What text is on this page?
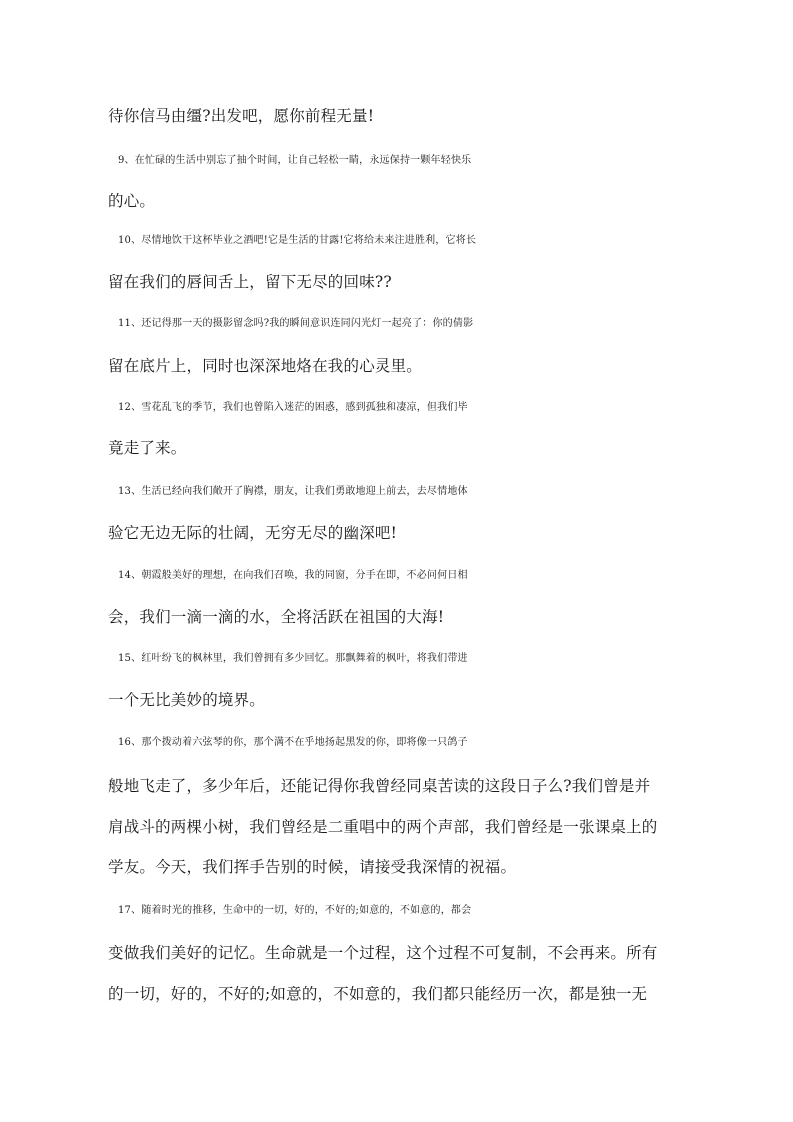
待你信马由缰?出发吧，愿你前程无量!
9、在忙碌的生活中别忘了抽个时间，让自己轻松一睛，永远保持一颗年轻快乐
的心。
10、尽情地饮干这杯毕业之酒吧!它是生活的甘露!它将给未来注进胜利，它将长
留在我们的唇间舌上，留下无尽的回味??
11、还记得那一天的摄影留念吗?我的瞬间意识连同闪光灯一起亮了：你的倩影
留在底片上，同时也深深地烙在我的心灵里。
12、雪花乱飞的季节，我们也曾陷入迷茫的困惑，感到孤独和凄凉，但我们毕
竟走了来。
13、生活已经向我们敞开了胸襟，朋友，让我们勇敢地迎上前去，去尽情地体
验它无边无际的壮阔，无穷无尽的幽深吧!
14、朝霞般美好的理想，在向我们召唤，我的同窗，分手在即，不必问何日相
会，我们一滴一滴的水，全将活跃在祖国的大海!
15、红叶纷飞的枫林里，我们曾拥有多少回忆。那飘舞着的枫叶，将我们带进
一个无比美妙的境界。
16、那个拨动着六弦琴的你，那个满不在乎地扬起黑发的你，即将像一只鸽子
般地飞走了，多少年后，还能记得你我曾经同桌苦读的这段日子么?我们曾是并
肩战斗的两棵小树，我们曾经是二重唱中的两个声部，我们曾经是一张课桌上的
学友。今天，我们挥手告别的时候，请接受我深情的祝福。
17、随着时光的推移，生命中的一切，好的，不好的;如意的，不如意的，都会
变做我们美好的记忆。生命就是一个过程，这个过程不可复制，不会再来。所有
的一切，好的，不好的;如意的，不如意的，我们都只能经历一次，都是独一无
